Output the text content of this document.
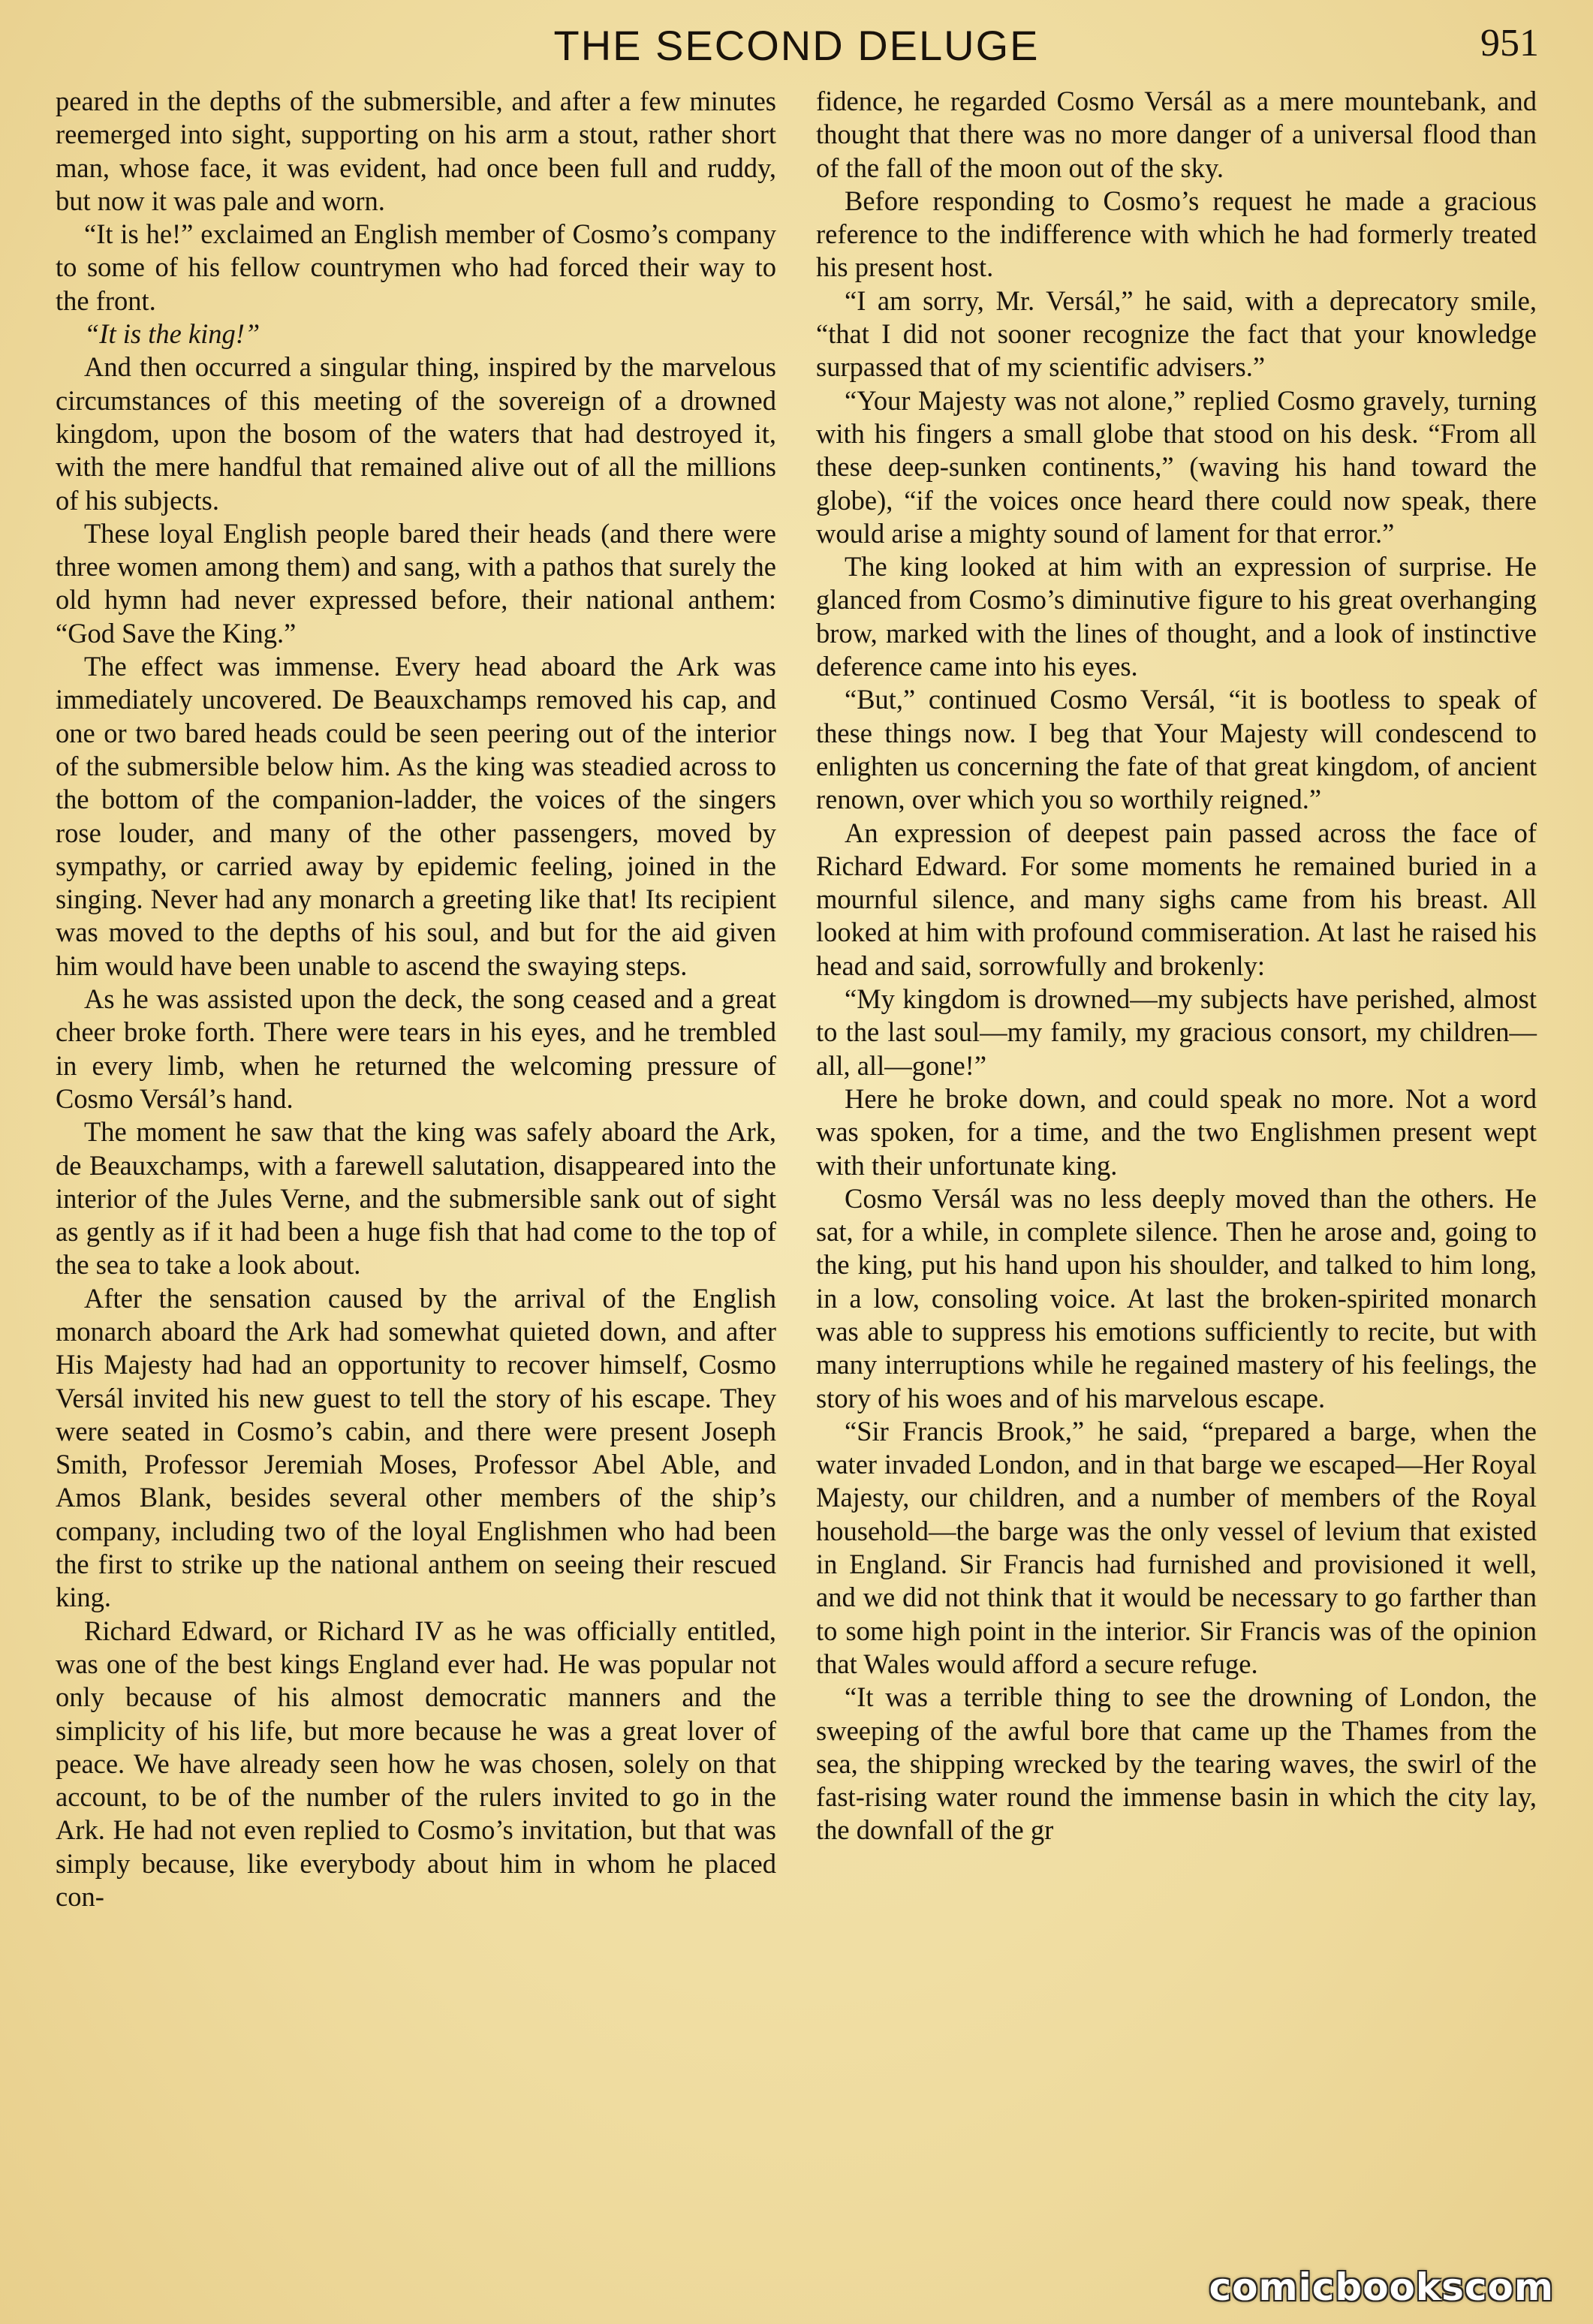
THE SECOND DELUGE	951

peared in the depths of the submersible, and after a few minutes reemerged into sight, supporting on his arm a stout, rather short man, whose face, it was evident, had once been full and ruddy, but now it was pale and worn.

“It is he!” exclaimed an English member of Cosmo’s company to some of his fellow countrymen who had forced their way to the front.

“It is the king!”

And then occurred a singular thing, inspired by the marvelous circumstances of this meeting of the sovereign of a drowned kingdom, upon the bosom of the waters that had destroyed it, with the mere handful that remained alive out of all the millions of his subjects.

These loyal English people bared their heads (and there were three women among them) and sang, with a pathos that surely the old hymn had never expressed before, their national anthem: “God Save the King.”

The effect was immense. Every head aboard the Ark was immediately uncovered. De Beauxchamps removed his cap, and one or two bared heads could be seen peering out of the interior of the submersible below him. As the king was steadied across to the bottom of the companion-ladder, the voices of the singers rose louder, and many of the other passengers, moved by sympathy, or carried away by epidemic feeling, joined in the singing. Never had any monarch a greeting like that! Its recipient was moved to the depths of his soul, and but for the aid given him would have been unable to ascend the swaying steps.

As he was assisted upon the deck, the song ceased and a great cheer broke forth. There were tears in his eyes, and he trembled in every limb, when he returned the welcoming pressure of Cosmo Versál’s hand.

The moment he saw that the king was safely aboard the Ark, de Beauxchamps, with a farewell salutation, disappeared into the interior of the Jules Verne, and the submersible sank out of sight as gently as if it had been a huge fish that had come to the top of the sea to take a look about.

After the sensation caused by the arrival of the English monarch aboard the Ark had somewhat quieted down, and after His Majesty had had an opportunity to recover himself, Cosmo Versál invited his new guest to tell the story of his escape. They were seated in Cosmo’s cabin, and there were present Joseph Smith, Professor Jeremiah Moses, Professor Abel Able, and Amos Blank, besides several other members of the ship’s company, including two of the loyal Englishmen who had been the first to strike up the national anthem on seeing their rescued king.

Richard Edward, or Richard IV as he was officially entitled, was one of the best kings England ever had. He was popular not only because of his almost democratic manners and the simplicity of his life, but more because he was a great lover of peace. We have already seen how he was chosen, solely on that account, to be of the number of the rulers invited to go in the Ark. He had not even replied to Cosmo’s invitation, but that was simply because, like everybody about him in whom he placed con-

fidence, he regarded Cosmo Versál as a mere mountebank, and thought that there was no more danger of a universal flood than of the fall of the moon out of the sky.

Before responding to Cosmo’s request he made a gracious reference to the indifference with which he had formerly treated his present host.

“I am sorry, Mr. Versál,” he said, with a deprecatory smile, “that I did not sooner recognize the fact that your knowledge surpassed that of my scientific advisers.”

“Your Majesty was not alone,” replied Cosmo gravely, turning with his fingers a small globe that stood on his desk. “From all these deep-sunken continents,” (waving his hand toward the globe), “if the voices once heard there could now speak, there would arise a mighty sound of lament for that error.”

The king looked at him with an expression of surprise. He glanced from Cosmo’s diminutive figure to his great overhanging brow, marked with the lines of thought, and a look of instinctive deference came into his eyes.

“But,” continued Cosmo Versál, “it is bootless to speak of these things now. I beg that Your Majesty will condescend to enlighten us concerning the fate of that great kingdom, of ancient renown, over which you so worthily reigned.”

An expression of deepest pain passed across the face of Richard Edward. For some moments he remained buried in a mournful silence, and many sighs came from his breast. All looked at him with profound commiseration. At last he raised his head and said, sorrowfully and brokenly:

“My kingdom is drowned—my subjects have perished, almost to the last soul—my family, my gracious consort, my children—all, all—gone!”

Here he broke down, and could speak no more. Not a word was spoken, for a time, and the two Englishmen present wept with their unfortunate king.

Cosmo Versál was no less deeply moved than the others. He sat, for a while, in complete silence. Then he arose and, going to the king, put his hand upon his shoulder, and talked to him long, in a low, consoling voice. At last the broken-spirited monarch was able to suppress his emotions sufficiently to recite, but with many interruptions while he regained mastery of his feelings, the story of his woes and of his marvelous escape.

“Sir Francis Brook,” he said, “prepared a barge, when the water invaded London, and in that barge we escaped—Her Royal Majesty, our children, and a number of members of the Royal household—the barge was the only vessel of levium that existed in England. Sir Francis had furnished and provisioned it well, and we did not think that it would be necessary to go farther than to some high point in the interior. Sir Francis was of the opinion that Wales would afford a secure refuge.

“It was a terrible thing to see the drowning of London, the sweeping of the awful bore that came up the Thames from the sea, the shipping wrecked by the tearing waves, the swirl of the fast-rising water round the immense basin in which the city lay, the downfall of the gr

comicbookscom
